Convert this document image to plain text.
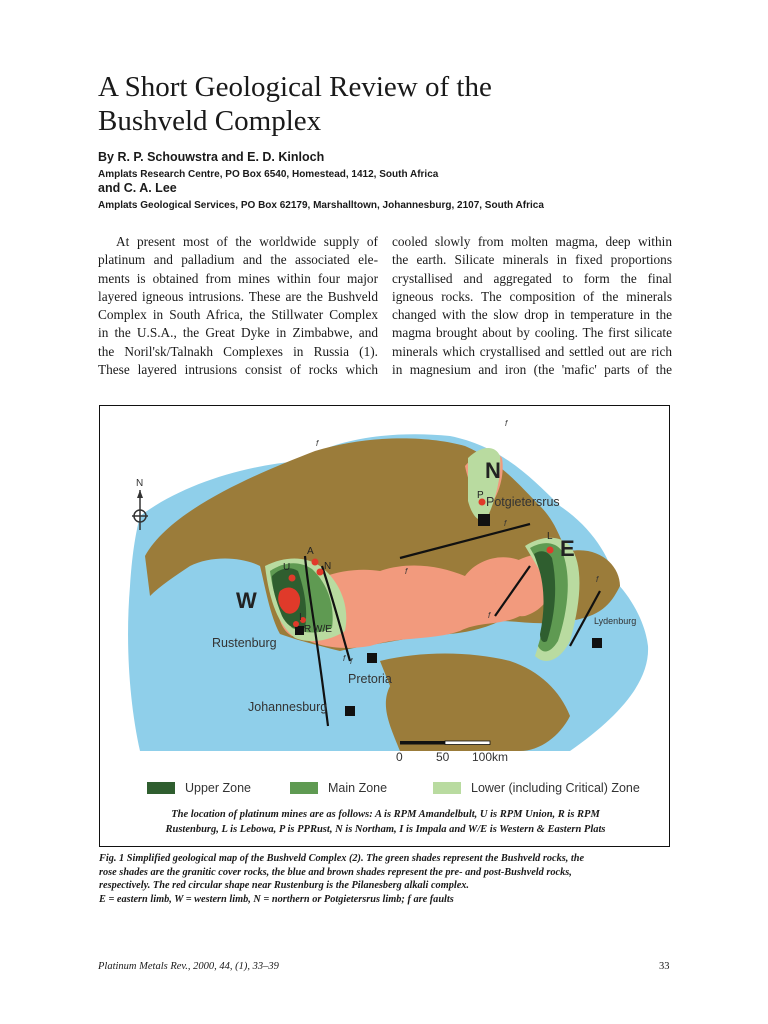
A Short Geological Review of the
Bushveld Complex

By R. P. Schouwstra and E. D. Kinloch

Amplats Research Centre, PO Box 6540, Homestead, 1412, South Africa

and C. A. Lee

Amplats Geological Services, PO Box 62179, Marshalltown, Johannesburg, 2107, South Africa

At present most of the worldwide supply of
platinum and palladium and the associated ele-
ments is obtained from mines within four major
layered igneous intrusions. These are the Bushveld
Complex in South Africa, the Stillwater Complex
in the U.S.A., the Great Dyke in Zimbabwe, and
the Noril'sk/Talnakh Complexes in Russia (1).
These layered intrusions consist of rocks which
cooled slowly from molten magma, deep within
the earth. Silicate minerals in fixed proportions
crystallised and aggregated to form the final
igneous rocks. The composition of the minerals
changed with the slow drop in temperature in the
magma brought about by cooling. The first silicate
minerals which crystallised and settled out are rich
in magnesium and iron (the 'mafic' parts of the
N
E
W
Potgietersrus
Lydenburg
Rustenburg
Pretoria
Johannesburg
P
L
A
U	N
I
R W/E
f
f
f
f
f
f
f f
N
0	50 100km
Upper Zone	Main Zone	Lower (including Critical) Zone
The location of platinum mines are as follows: A is RPM Amandelbult, U is RPM Union, R is RPM
Rustenburg, L is Lebowa, P is PPRust, N is Northam, I is Impala and W/E is Western & Eastern Plats

Fig. 1 Simplified geological map of the Bushveld Complex (2). The green shades represent the Bushveld rocks, the
rose shades are the granitic cover rocks, the blue and brown shades represent the pre- and post-Bushveld rocks,
respectively. The red circular shape near Rustenburg is the Pilanesberg alkali complex.
E = eastern limb, W = western limb, N = northern or Potgietersrus limb; f are faults

Platinum Metals Rev., 2000, 44, (1), 33–39	33
